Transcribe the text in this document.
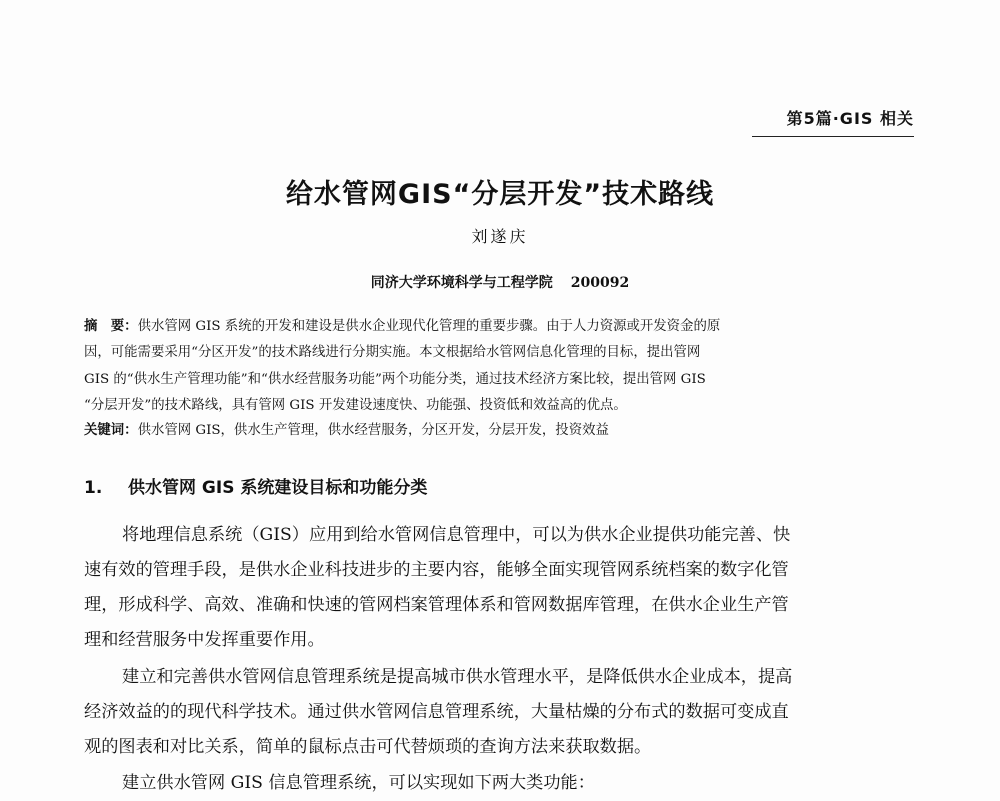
第5篇·GIS 相关
给水管网GIS“分层开发”技术路线
刘遂庆
同济大学环境科学与工程学院 200092
摘　要：供水管网 GIS 系统的开发和建设是供水企业现代化管理的重要步骤。由于人力资源或开发资金的原
因，可能需要采用“分区开发”的技术路线进行分期实施。本文根据给水管网信息化管理的目标，提出管网
GIS 的“供水生产管理功能”和“供水经营服务功能”两个功能分类，通过技术经济方案比较，提出管网 GIS
“分层开发”的技术路线，具有管网 GIS 开发建设速度快、功能强、投资低和效益高的优点。
关键词：供水管网 GIS，供水生产管理，供水经营服务，分区开发，分层开发，投资效益
1. 供水管网 GIS 系统建设目标和功能分类
将地理信息系统（GIS）应用到给水管网信息管理中，可以为供水企业提供功能完善、快
速有效的管理手段，是供水企业科技进步的主要内容，能够全面实现管网系统档案的数字化管
理，形成科学、高效、准确和快速的管网档案管理体系和管网数据库管理，在供水企业生产管
理和经营服务中发挥重要作用。
建立和完善供水管网信息管理系统是提高城市供水管理水平，是降低供水企业成本，提高
经济效益的的现代科学技术。通过供水管网信息管理系统，大量枯燥的分布式的数据可变成直
观的图表和对比关系，简单的鼠标点击可代替烦琐的查询方法来获取数据。
建立供水管网 GIS 信息管理系统，可以实现如下两大类功能：
